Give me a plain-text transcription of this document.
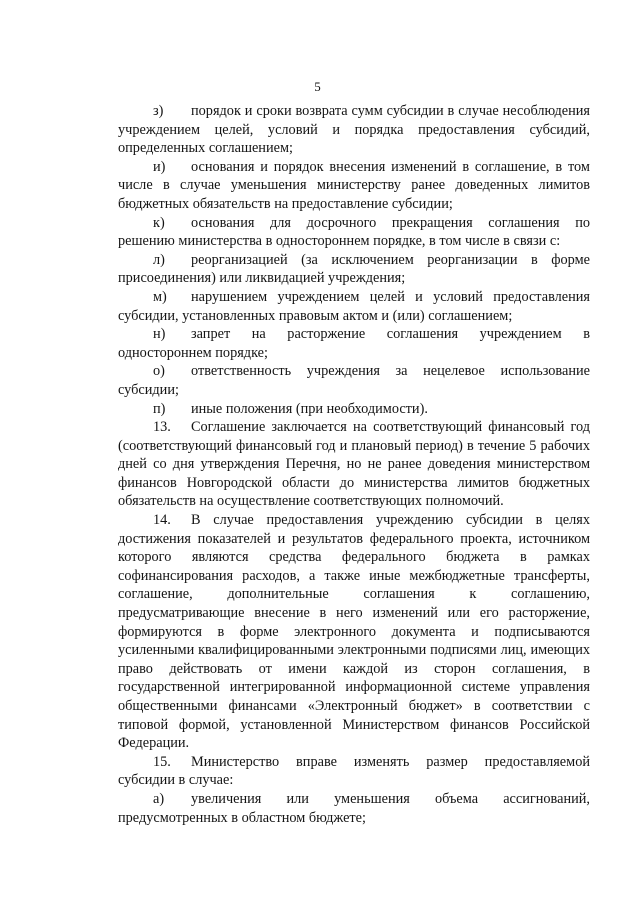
5

з) порядок и сроки возврата сумм субсидии в случае несоблюдения учреждением целей, условий и порядка предоставления субсидий, определенных соглашением;

и) основания и порядок внесения изменений в соглашение, в том числе в случае уменьшения министерству ранее доведенных лимитов бюджетных обязательств на предоставление субсидии;

к) основания для досрочного прекращения соглашения по решению министерства в одностороннем порядке, в том числе в связи с:

л) реорганизацией (за исключением реорганизации в форме присоединения) или ликвидацией учреждения;

м) нарушением учреждением целей и условий предоставления субсидии, установленных правовым актом и (или) соглашением;

н) запрет на расторжение соглашения учреждением в одностороннем порядке;

о) ответственность учреждения за нецелевое использование субсидии;

п) иные положения (при необходимости).

13. Соглашение заключается на соответствующий финансовый год (соответствующий финансовый год и плановый период) в течение 5 рабочих дней со дня утверждения Перечня, но не ранее доведения министерством финансов Новгородской области до министерства лимитов бюджетных обязательств на осуществление соответствующих полномочий.

14. В случае предоставления учреждению субсидии в целях достижения показателей и результатов федерального проекта, источником которого являются средства федерального бюджета в рамках софинансирования расходов, а также иные межбюджетные трансферты, соглашение, дополнительные соглашения к соглашению, предусматривающие внесение в него изменений или его расторжение, формируются в форме электронного документа и подписываются усиленными квалифицированными электронными подписями лиц, имеющих право действовать от имени каждой из сторон соглашения, в государственной интегрированной информационной системе управления общественными финансами «Электронный бюджет» в соответствии с типовой формой, установленной Министерством финансов Российской Федерации.

15. Министерство вправе изменять размер предоставляемой субсидии в случае:

а) увеличения или уменьшения объема ассигнований, предусмотренных в областном бюджете;
